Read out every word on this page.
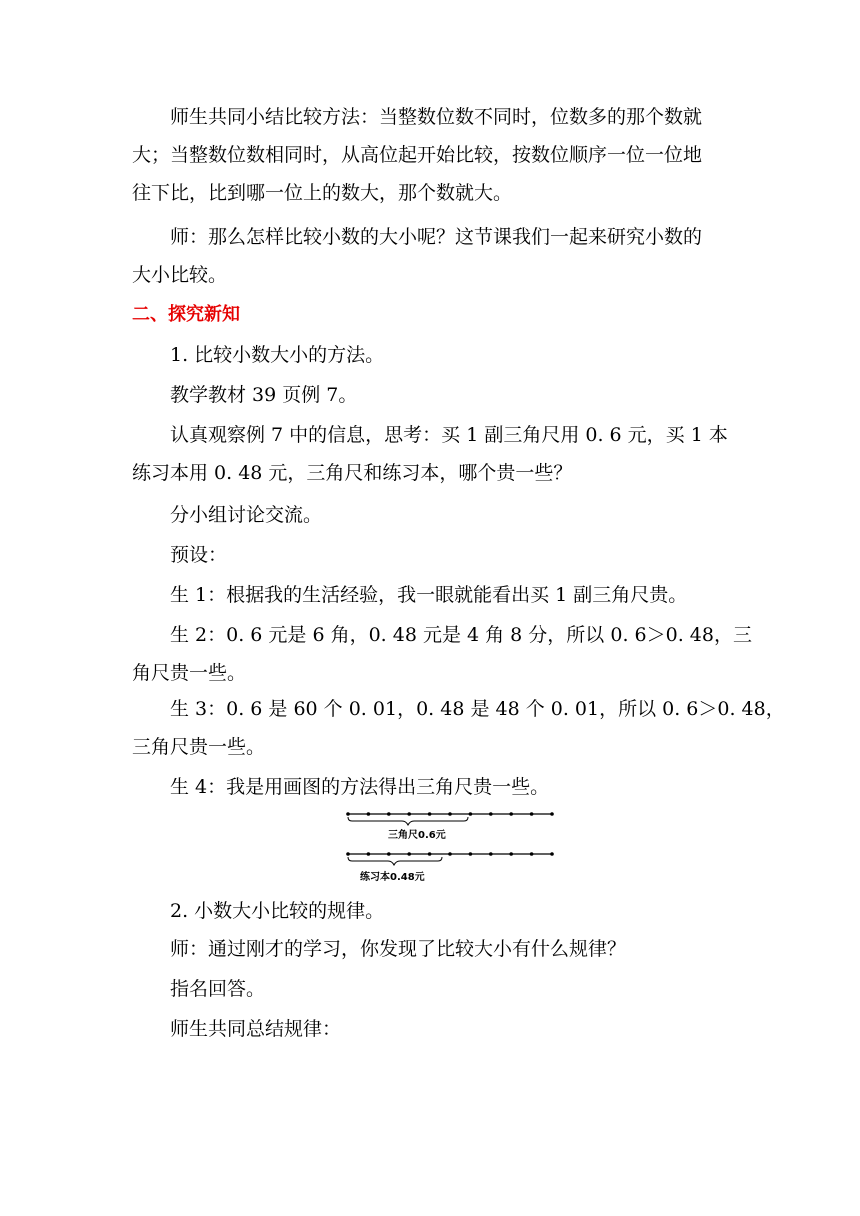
师生共同小结比较方法：当整数位数不同时，位数多的那个数就
大；当整数位数相同时，从高位起开始比较，按数位顺序一位一位地
往下比，比到哪一位上的数大，那个数就大。
师：那么怎样比较小数的大小呢？这节课我们一起来研究小数的
大小比较。
二、探究新知
1. 比较小数大小的方法。
教学教材 39 页例 7。
认真观察例 7 中的信息，思考：买 1 副三角尺用 0. 6 元，买 1 本
练习本用 0. 48 元，三角尺和练习本，哪个贵一些？
分小组讨论交流。
预设：
生 1：根据我的生活经验，我一眼就能看出买 1 副三角尺贵。
生 2：0. 6 元是 6 角，0. 48 元是 4 角 8 分，所以 0. 6＞0. 48，三
角尺贵一些。
生 3：0. 6 是 60 个 0. 01，0. 48 是 48 个 0. 01，所以 0. 6＞0. 48，
三角尺贵一些。
生 4：我是用画图的方法得出三角尺贵一些。
三角尺0.6元
练习本0.48元
2. 小数大小比较的规律。
师：通过刚才的学习，你发现了比较大小有什么规律？
指名回答。
师生共同总结规律：
